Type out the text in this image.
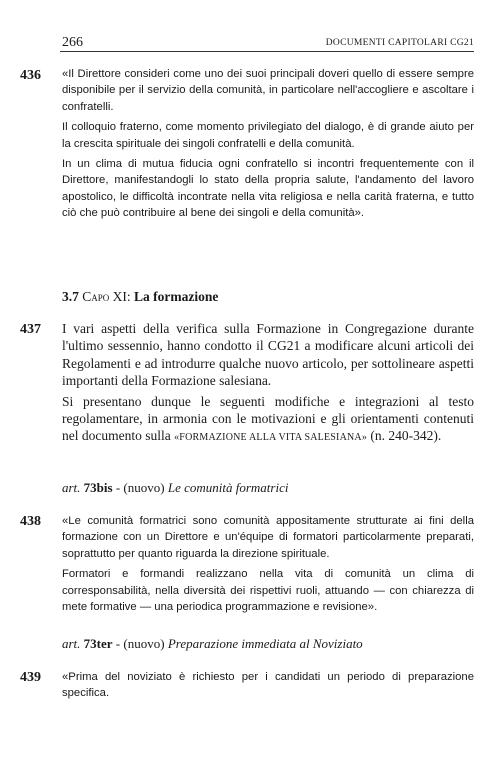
266	DOCUMENTI CAPITOLARI CG21
436 «Il Direttore consideri come uno dei suoi principali doveri quello di essere sempre disponibile per il servizio della comunità, in particolare nell'accogliere e ascoltare i confratelli.

Il colloquio fraterno, come momento privilegiato del dialogo, è di grande aiuto per la crescita spirituale dei singoli confratelli e della comunità.

In un clima di mutua fiducia ogni confratello si incontri frequentemente con il Direttore, manifestandogli lo stato della propria salute, l'andamento del lavoro apostolico, le difficoltà incontrate nella vita religiosa e nella carità fraterna, e tutto ciò che può contribuire al bene dei singoli e della comunità».

3.7 Capo XI: La formazione
437 I vari aspetti della verifica sulla Formazione in Congregazione durante l'ultimo sessennio, hanno condotto il CG21 a modificare alcuni articoli dei Regolamenti e ad introdurre qualche nuovo articolo, per sottolineare aspetti importanti della Formazione salesiana.

Si presentano dunque le seguenti modifiche e integrazioni al testo regolamentare, in armonia con le motivazioni e gli orientamenti contenuti nel documento sulla «FORMAZIONE ALLA VITA SALESIANA» (n. 240-342).

art. 73bis - (nuovo) Le comunità formatrici
438 «Le comunità formatrici sono comunità appositamente strutturate ai fini della formazione con un Direttore e un'équipe di formatori particolarmente preparati, soprattutto per quanto riguarda la direzione spirituale.

Formatori e formandi realizzano nella vita di comunità un clima di corresponsabilità, nella diversità dei rispettivi ruoli, attuando — con chiarezza di mete formative — una periodica programmazione e revisione».

art. 73ter - (nuovo) Preparazione immediata al Noviziato
439 «Prima del noviziato è richiesto per i candidati un periodo di preparazione specifica.
